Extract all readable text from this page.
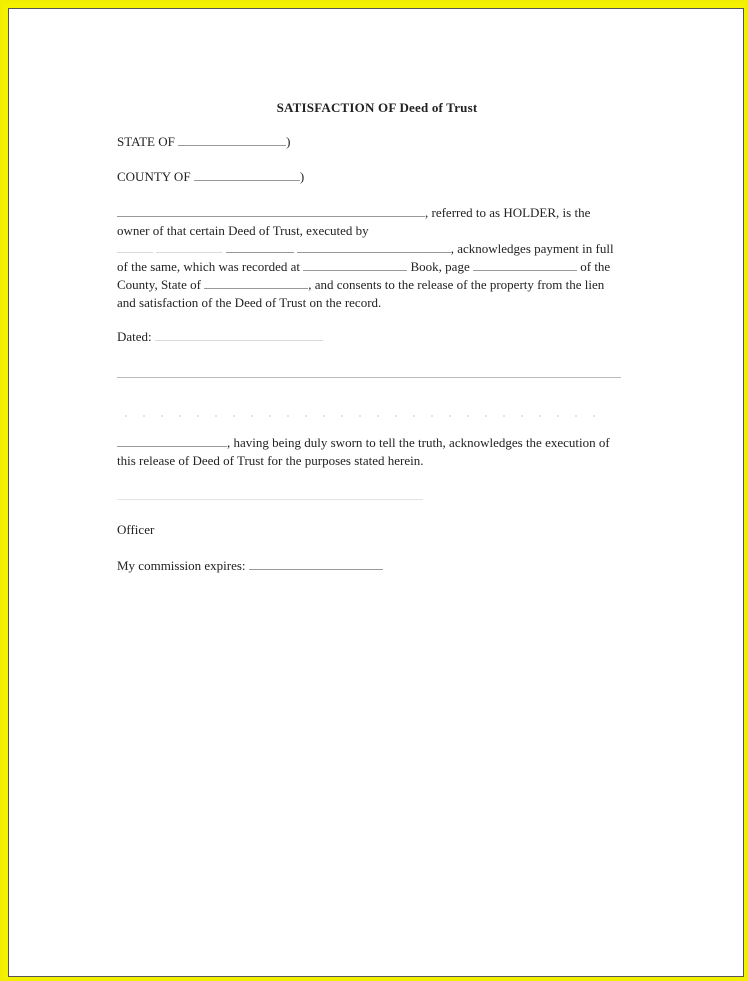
SATISFACTION OF Deed of Trust
STATE OF	)
COUNTY OF	)
, referred to as HOLDER, is the
owner of that certain Deed of Trust, executed by
, acknowledges payment in full
of the same, which was recorded at	Book, page	of the
County, State of	, and consents to the release of the property from the lien
and satisfaction of the Deed of Trust on the record.
Dated:
, having being duly sworn to tell the truth, acknowledges the execution of
this release of Deed of Trust for the purposes stated herein.
Officer
My commission expires:
